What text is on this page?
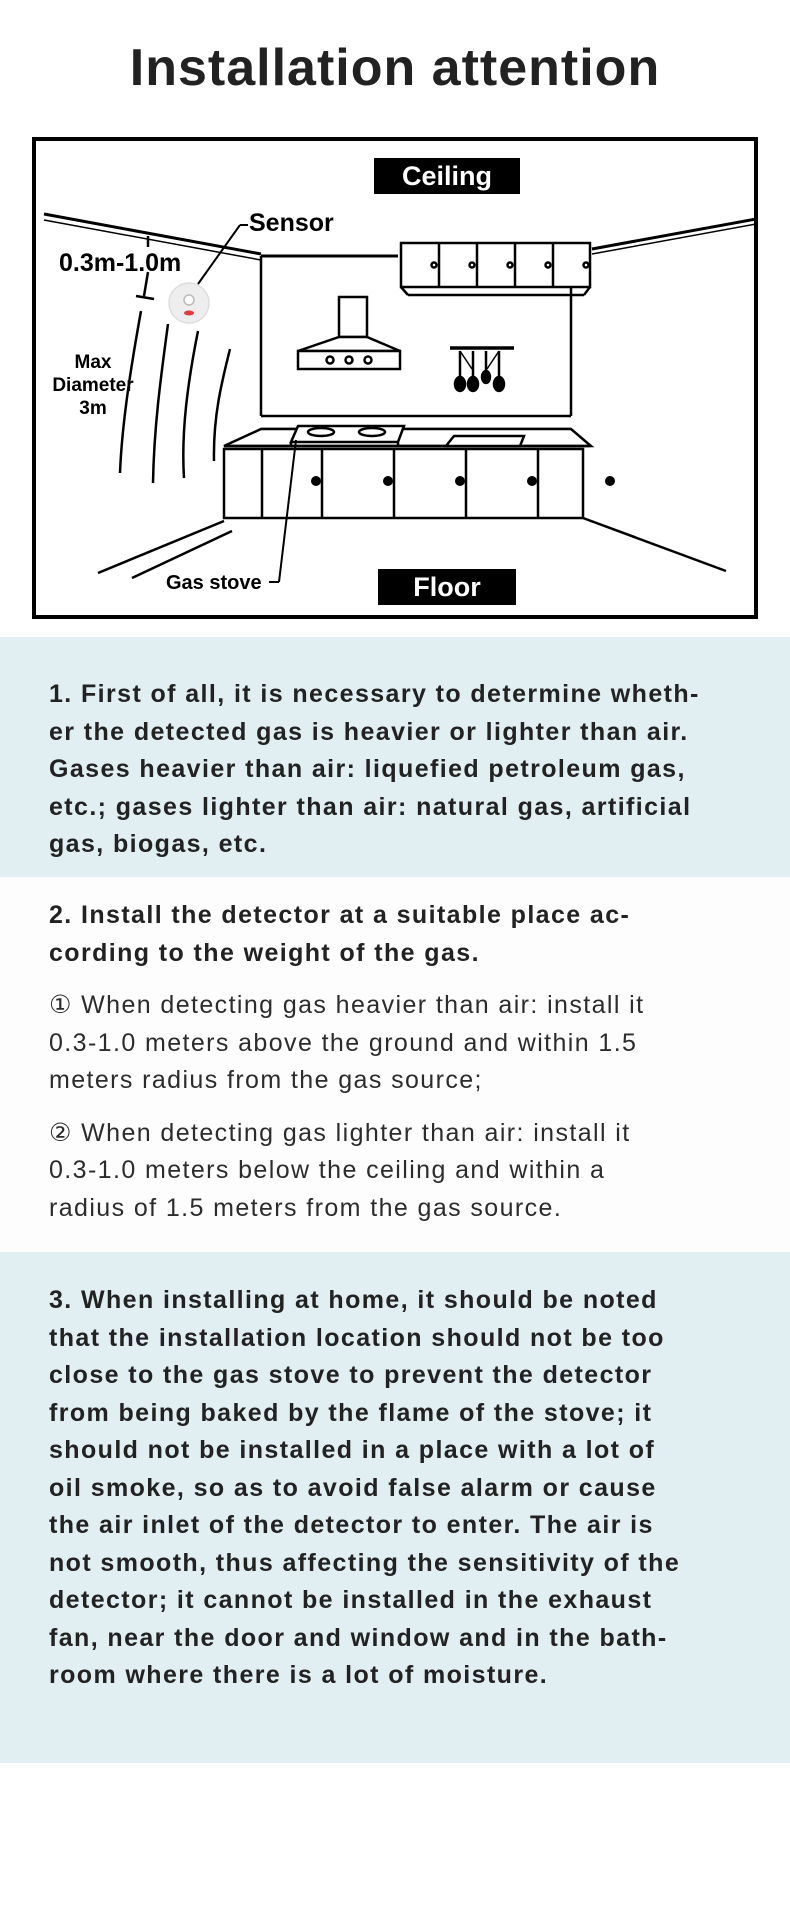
Installation attention
Ceiling
Floor
Sensor
0.3m-1.0m
Max
Diameter
3m
Gas stove

1. First of all, it is necessary to determine wheth-
er the detected gas is heavier or lighter than air.
Gases heavier than air: liquefied petroleum gas,
etc.; gases lighter than air: natural gas, artificial
gas, biogas, etc.

2. Install the detector at a suitable place ac-
cording to the weight of the gas.

① When detecting gas heavier than air: install it
0.3-1.0 meters above the ground and within 1.5
meters radius from the gas source;

② When detecting gas lighter than air: install it
0.3-1.0 meters below the ceiling and within a
radius of 1.5 meters from the gas source.

3. When installing at home, it should be noted
that the installation location should not be too
close to the gas stove to prevent the detector
from being baked by the flame of the stove; it
should not be installed in a place with a lot of
oil smoke, so as to avoid false alarm or cause
the air inlet of the detector to enter. The air is
not smooth, thus affecting the sensitivity of the
detector; it cannot be installed in the exhaust
fan, near the door and window and in the bath-
room where there is a lot of moisture.
